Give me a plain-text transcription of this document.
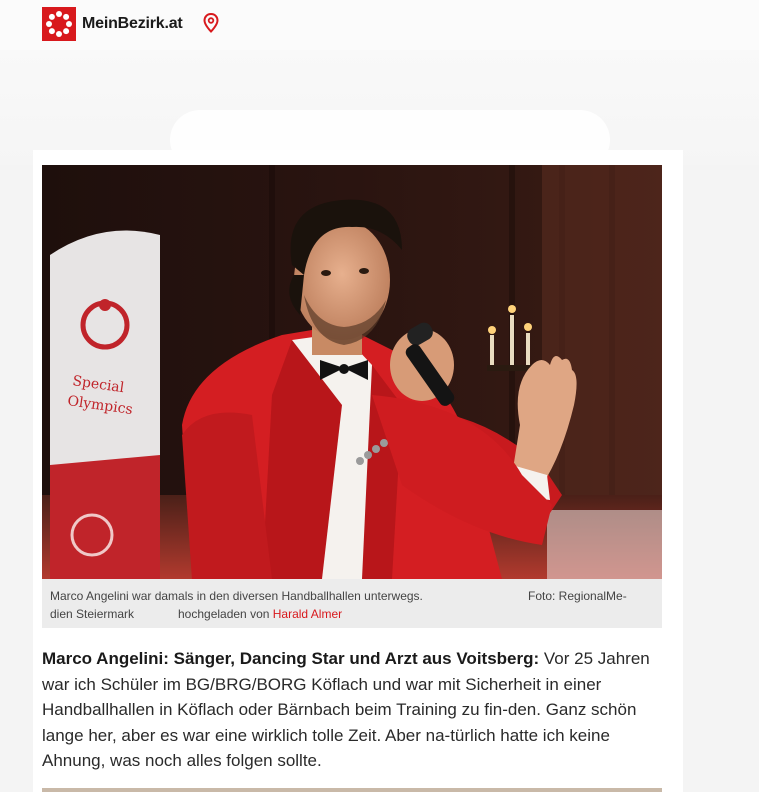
MeinBezirk.at
Special
Olympics
Marco Angelini war damals in den diversen Handballhallen unterwegs.	Foto: RegionalMe-
dien Steiermark	hochgeladen von Harald Almer

Marco Angelini: Sänger, Dancing Star und Arzt aus Voitsberg: Vor 25 Jahren war ich Schüler im BG/BRG/BORG Köflach und war mit Sicherheit in einer Handballhallen in Köflach oder Bärnbach beim Training zu fin-den. Ganz schön lange her, aber es war eine wirklich tolle Zeit. Aber na-türlich hatte ich keine Ahnung, was noch alles folgen sollte.
